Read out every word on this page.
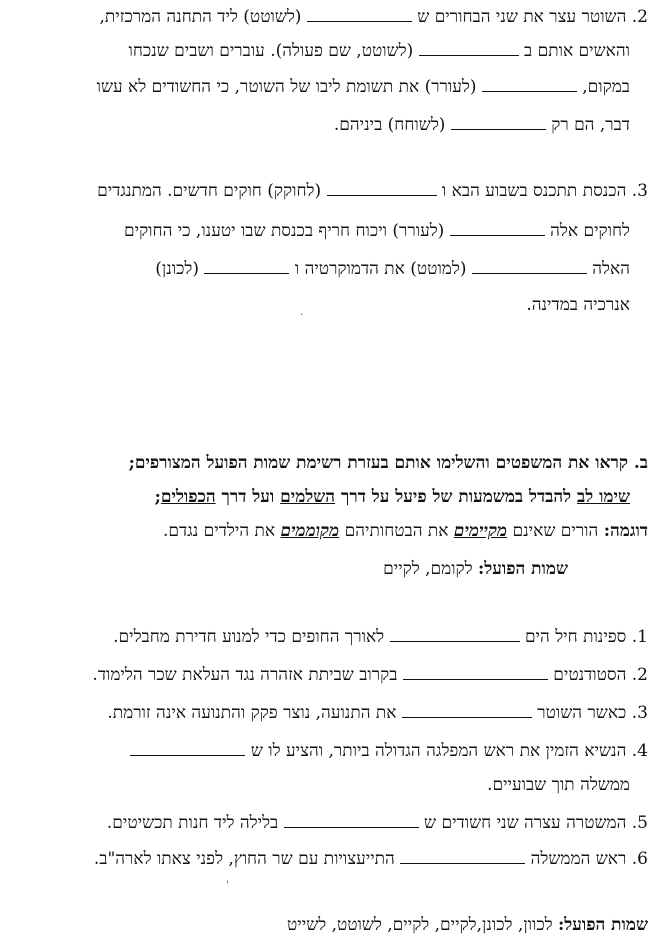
2. השוטר עצר את שני הבחורים ש  (לשוטט) ליד התחנה המרכזית,
והאשים אותם ב  (לשוטט, שם פעולה). עוברים ושבים שנכחו
במקום,  (לעורר) את תשומת ליבו של השוטר, כי החשודים לא עשו
דבר, הם רק  (לשוחח) ביניהם.
3. הכנסת תתכנס בשבוע הבא ו  (לחוקק) חוקים חדשים. המתנגדים
לחוקים אלה  (לעורר) ויכוח חריף בכנסת שבו יטענו, כי החוקים
האלה  (למוטט) את הדמוקרטיה ו  (לכונן)
אנרכיה במדינה.
‧
ב. קראו את המשפטים והשלימו אותם בעזרת רשימת שמות הפועל המצורפים;
שימו לב להבדל במשמעות של פיעל על דרך השלמים ועל דרך הכפולים;
דוגמה: הורים שאינם מקיימים את הבטחותיהם מקוממים את הילדים נגדם.
שמות הפועל: לקומם, לקיים
1. ספינות חיל הים  לאורך החופים כדי למנוע חדירת מחבלים.
2. הסטודנטים  בקרוב שביתת אזהרה נגד העלאת שכר הלימוד.
3. כאשר השוטר  את התנועה, נוצר פקק והתנועה אינה זורמת.
4. הנשיא הזמין את ראש המפלגה הגדולה ביותר, והציע לו ש
ממשלה תוך שבועיים.
5. המשטרה עצרה שני חשודים ש  בלילה ליד חנות תכשיטים.
6. ראש הממשלה  התייעצויות עם שר החוץ, לפני צאתו לארה"ב.
'
שמות הפועל: לכוון, לכונן,לקיים, לקיים, לשוטט, לשייט
